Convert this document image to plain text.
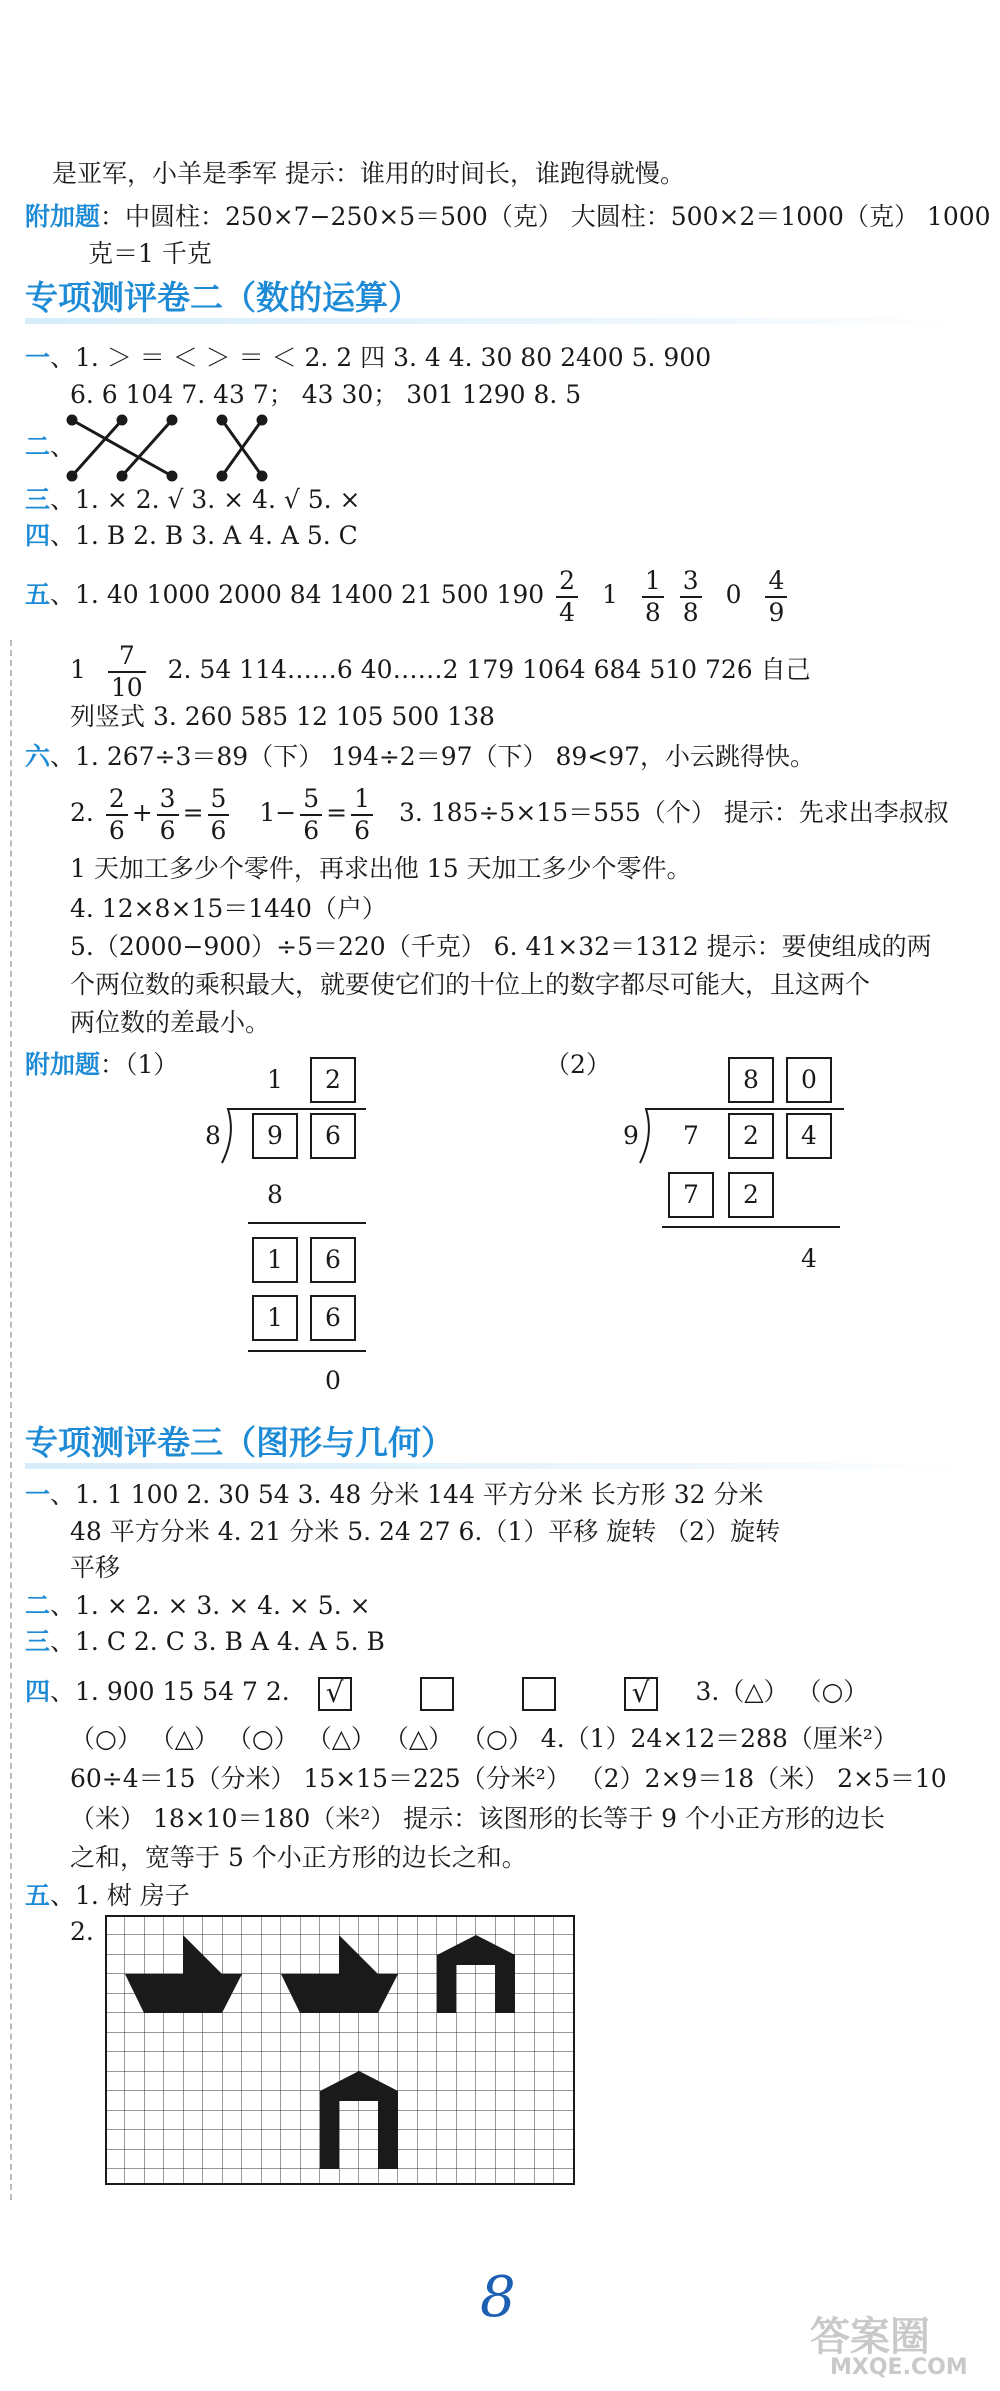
是亚军，小羊是季军 提示：谁用的时间长，谁跑得就慢。
附加题：中圆柱：250×7−250×5＝500（克） 大圆柱：500×2＝1000（克） 1000
克＝1 千克
专项测评卷二（数的运算）
一、1. ＞ ＝ ＜ ＞ ＝ ＜ 2. 2 四 3. 4 4. 30 80 2400 5. 900
6. 6 104 7. 43 7； 43 30； 301 1290 8. 5
二、
三、1. × 2. √ 3. × 4. √ 5. ×
四、1. B 2. B 3. A 4. A 5. C
五、1. 40 1000 2000 84 1400 21 500 $190 \frac{2}{4} 1 \frac{1}{8}$
$\frac{3}{8} 0 \frac{4}{9}$
$1 \frac{7}{10} 2$. 54 114……6 40……2 179 1064 684 510 726 自己
列竖式 3. 260 585 12 105 500 138
六、1. 267÷3＝89（下） 194÷2＝97（下） 89<97，小云跳得快。
2. $\frac{2}{6} + \frac{3}{6} = \frac{5}{6} 1- \frac{5}{6} = \frac{1}{6} 3$. 185÷5×15＝555（个） 提示：先求出李叔叔
1 天加工多少个零件，再求出他 15 天加工多少个零件。
4. 12×8×15＝1440（户）
5.（2000−900）÷5＝220（千克） 6. 41×32＝1312 提示：要使组成的两
个两位数的乘积最大，就要使它们的十位上的数字都尽可能大，且这两个
两位数的差最小。
附加题：（1）	（2）
1	2
8	9	6
8
1	6
1	6
0
8	0
9	7	2	4
7	2
4
专项测评卷三（图形与几何）
一、1. 1 100 2. 30 54 3. 48 分米 144 平方分米 长方形 32 分米
48 平方分米 4. 21 分米 5. 24 27 6.（1）平移 旋转 （2）旋转
平移
二、1. × 2. × 3. × 4. × 5. ×
三、1. C 2. C 3. B A 4. A 5. B
四、1. 900 15 54 7 2. √	√ 3.（△） （○）
（○） （△） （○） （△） （△） （○） 4.（1）24×12＝288（厘米²）
60÷4＝15（分米） 15×15＝225（分米²） （2）2×9＝18（米） 2×5＝10
（米） 18×10＝180（米²） 提示：该图形的长等于 9 个小正方形的边长
之和，宽等于 5 个小正方形的边长之和。
五、1. 树 房子
2.
8
答案圈
MXQE.COM
